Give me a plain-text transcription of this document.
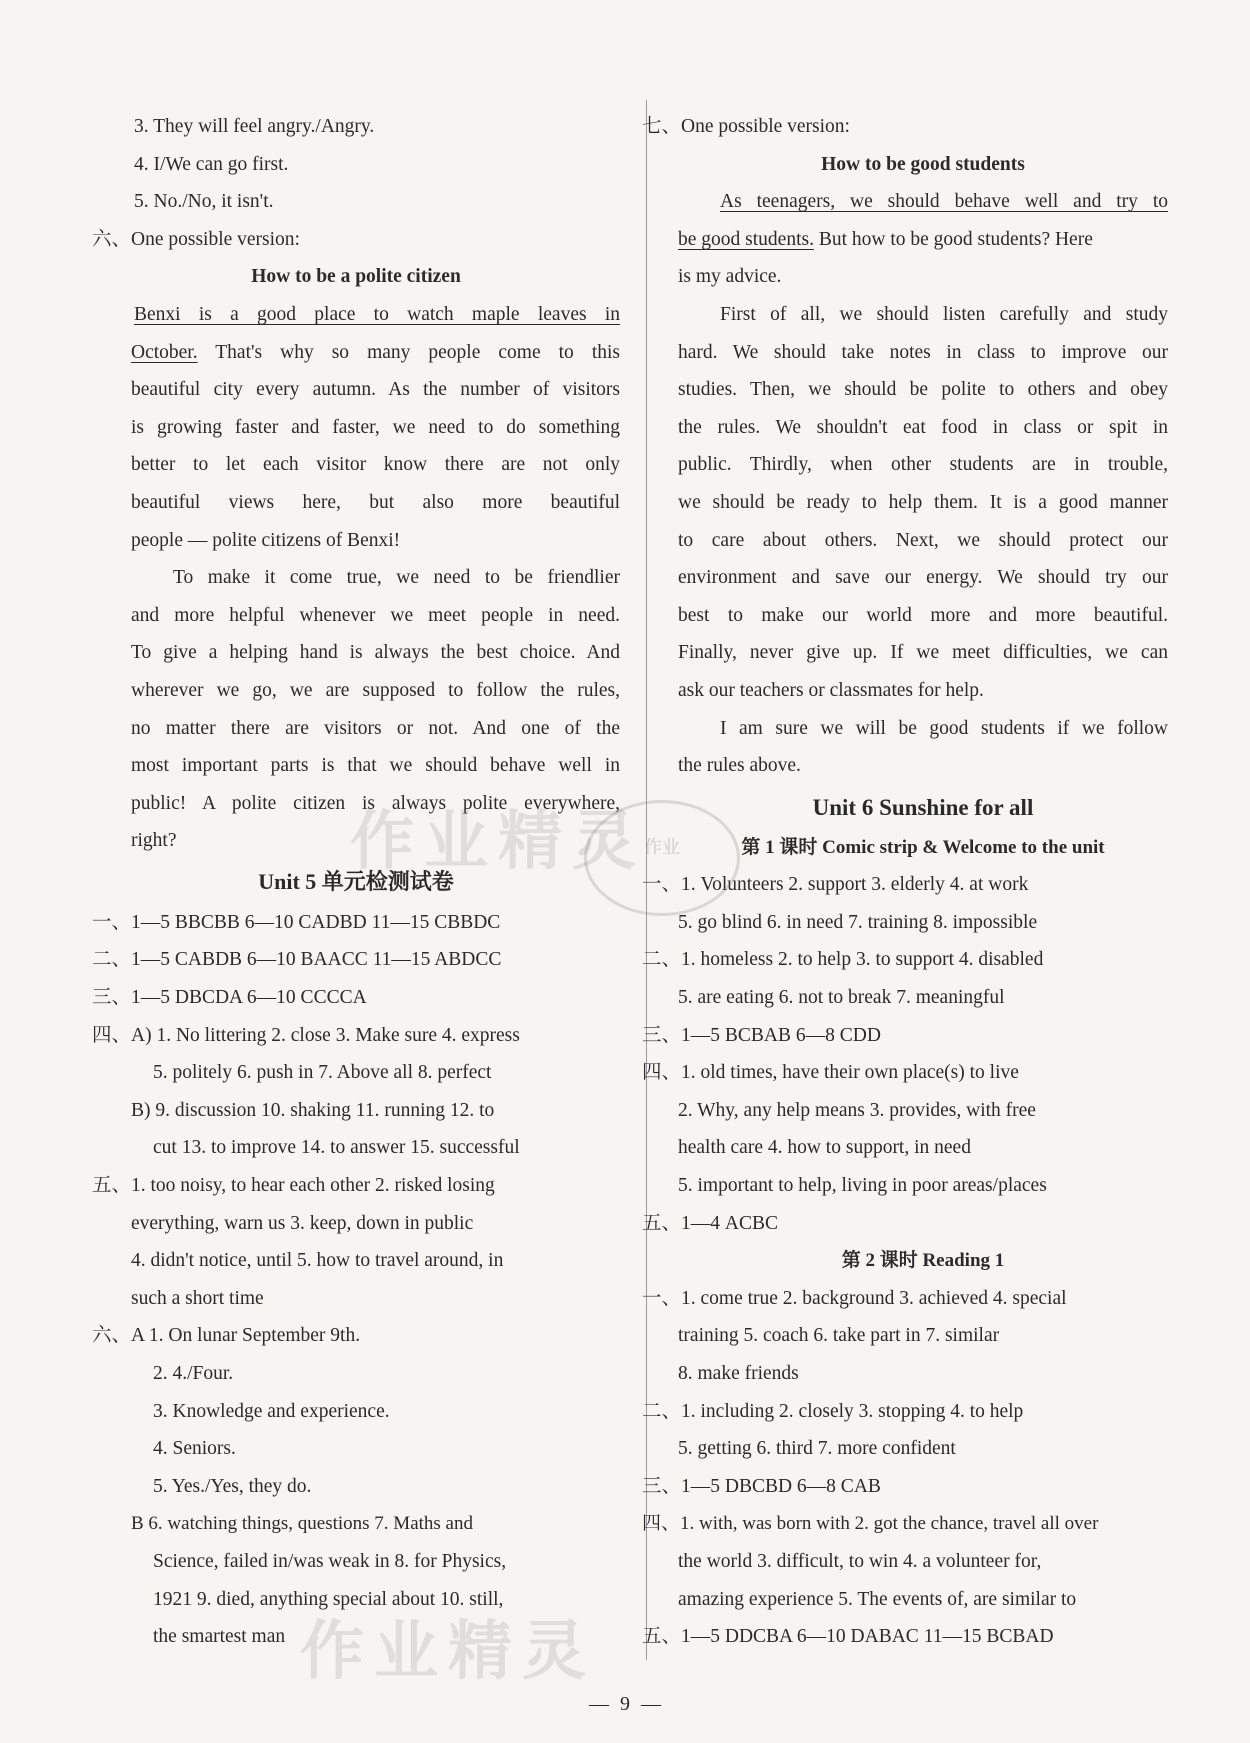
3. They will feel angry./Angry.
4. I/We can go first.
5. No./No, it isn't.
六、One possible version:
How to be a polite citizen
Benxi is a good place to watch maple leaves in
October. That's why so many people come to this
beautiful city every autumn. As the number of visitors
is growing faster and faster, we need to do something
better to let each visitor know there are not only
beautiful views here, but also more beautiful
people — polite citizens of Benxi!
To make it come true, we need to be friendlier
and more helpful whenever we meet people in need.
To give a helping hand is always the best choice. And
wherever we go, we are supposed to follow the rules,
no matter there are visitors or not. And one of the
most important parts is that we should behave well in
public! A polite citizen is always polite everywhere,
right?
Unit 5 单元检测试卷
一、1—5 BBCBB 6—10 CADBD 11—15 CBBDC
二、1—5 CABDB 6—10 BAACC 11—15 ABDCC
三、1—5 DBCDA 6—10 CCCCA
四、A) 1. No littering 2. close 3. Make sure 4. express
5. politely 6. push in 7. Above all 8. perfect
B) 9. discussion 10. shaking 11. running 12. to
cut 13. to improve 14. to answer 15. successful
五、1. too noisy, to hear each other 2. risked losing
everything, warn us 3. keep, down in public
4. didn't notice, until 5. how to travel around, in
such a short time
六、A 1. On lunar September 9th.
2. 4./Four.
3. Knowledge and experience.
4. Seniors.
5. Yes./Yes, they do.
B 6. watching things, questions 7. Maths and
Science, failed in/was weak in 8. for Physics,
1921 9. died, anything special about 10. still,
the smartest man
七、One possible version:
How to be good students
As teenagers, we should behave well and try to
be good students. But how to be good students? Here
is my advice.
First of all, we should listen carefully and study
hard. We should take notes in class to improve our
studies. Then, we should be polite to others and obey
the rules. We shouldn't eat food in class or spit in
public. Thirdly, when other students are in trouble,
we should be ready to help them. It is a good manner
to care about others. Next, we should protect our
environment and save our energy. We should try our
best to make our world more and more beautiful.
Finally, never give up. If we meet difficulties, we can
ask our teachers or classmates for help.
I am sure we will be good students if we follow
the rules above.
Unit 6 Sunshine for all
第 1 课时 Comic strip & Welcome to the unit
一、1. Volunteers 2. support 3. elderly 4. at work
5. go blind 6. in need 7. training 8. impossible
二、1. homeless 2. to help 3. to support 4. disabled
5. are eating 6. not to break 7. meaningful
三、1—5 BCBAB 6—8 CDD
四、1. old times, have their own place(s) to live
2. Why, any help means 3. provides, with free
health care 4. how to support, in need
5. important to help, living in poor areas/places
五、1—4 ACBC
第 2 课时 Reading 1
一、1. come true 2. background 3. achieved 4. special
training 5. coach 6. take part in 7. similar
8. make friends
二、1. including 2. closely 3. stopping 4. to help
5. getting 6. third 7. more confident
三、1—5 DBCBD 6—8 CAB
四、1. with, was born with 2. got the chance, travel all over
the world 3. difficult, to win 4. a volunteer for,
amazing experience 5. The events of, are similar to
五、1—5 DDCBA 6—10 DABAC 11—15 BCBAD
作业精灵
作业精灵
作业
— 9 —
